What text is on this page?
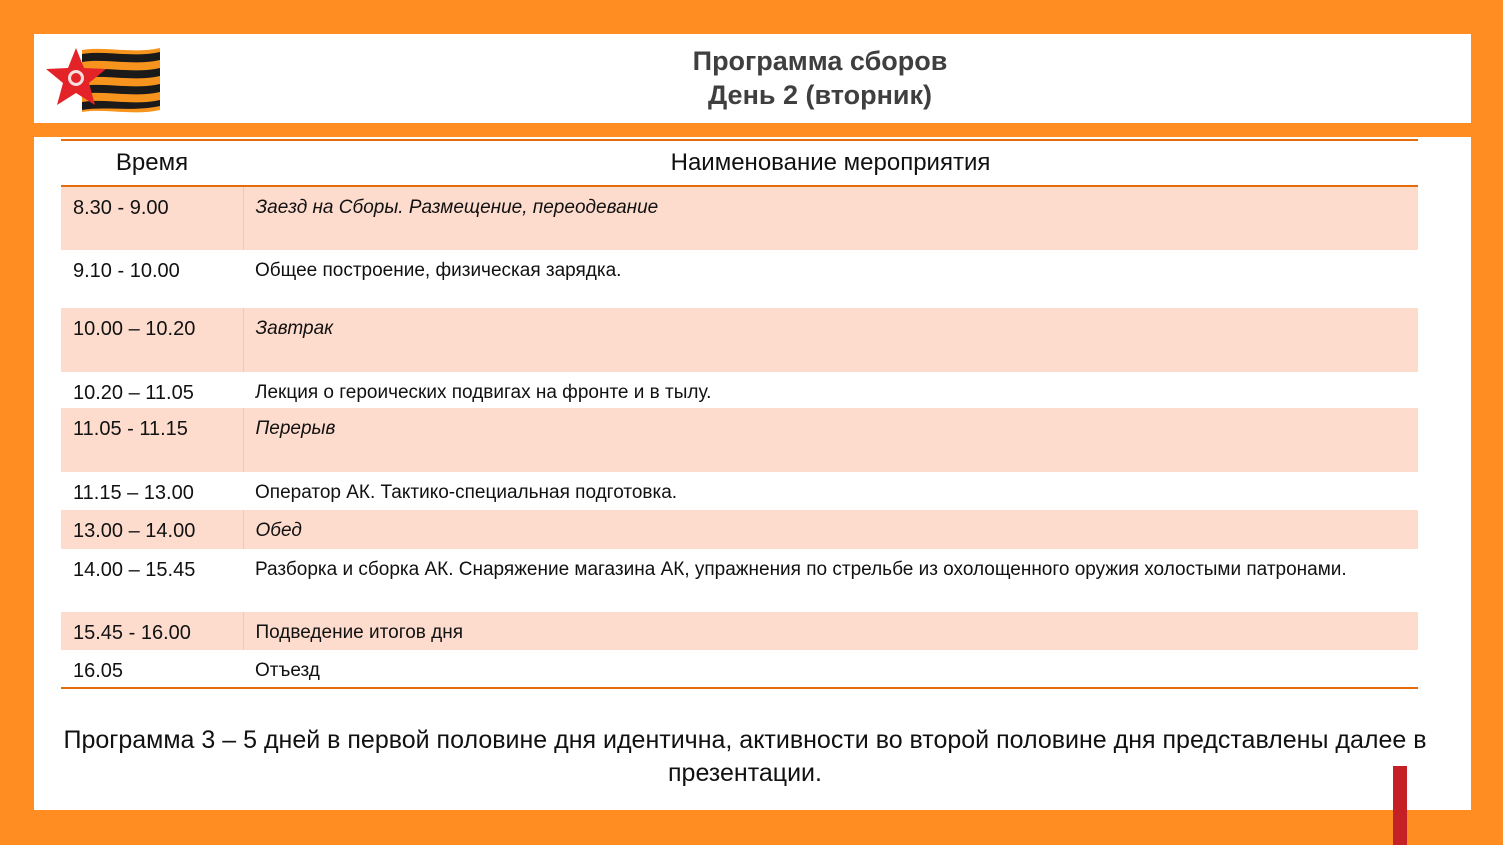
Программа сборов
День 2 (вторник)
Время	Наименование мероприятия
8.30 - 9.00	Заезд на Сборы. Размещение, переодевание
9.10 - 10.00	Общее построение, физическая зарядка.
10.00 – 10.20	Завтрак
10.20 – 11.05	Лекция о героических подвигах на фронте и в тылу.
11.05 - 11.15	Перерыв
11.15 – 13.00	Оператор АК. Тактико-специальная подготовка.
13.00 – 14.00	Обед
14.00 – 15.45	Разборка и сборка АК. Снаряжение магазина АК, упражнения по стрельбе из охолощенного оружия холостыми патронами.
15.45 - 16.00	Подведение итогов дня
16.05	Отъезд
Программа 3 – 5 дней в первой половине дня идентична, активности во второй половине дня представлены далее в презентации.
